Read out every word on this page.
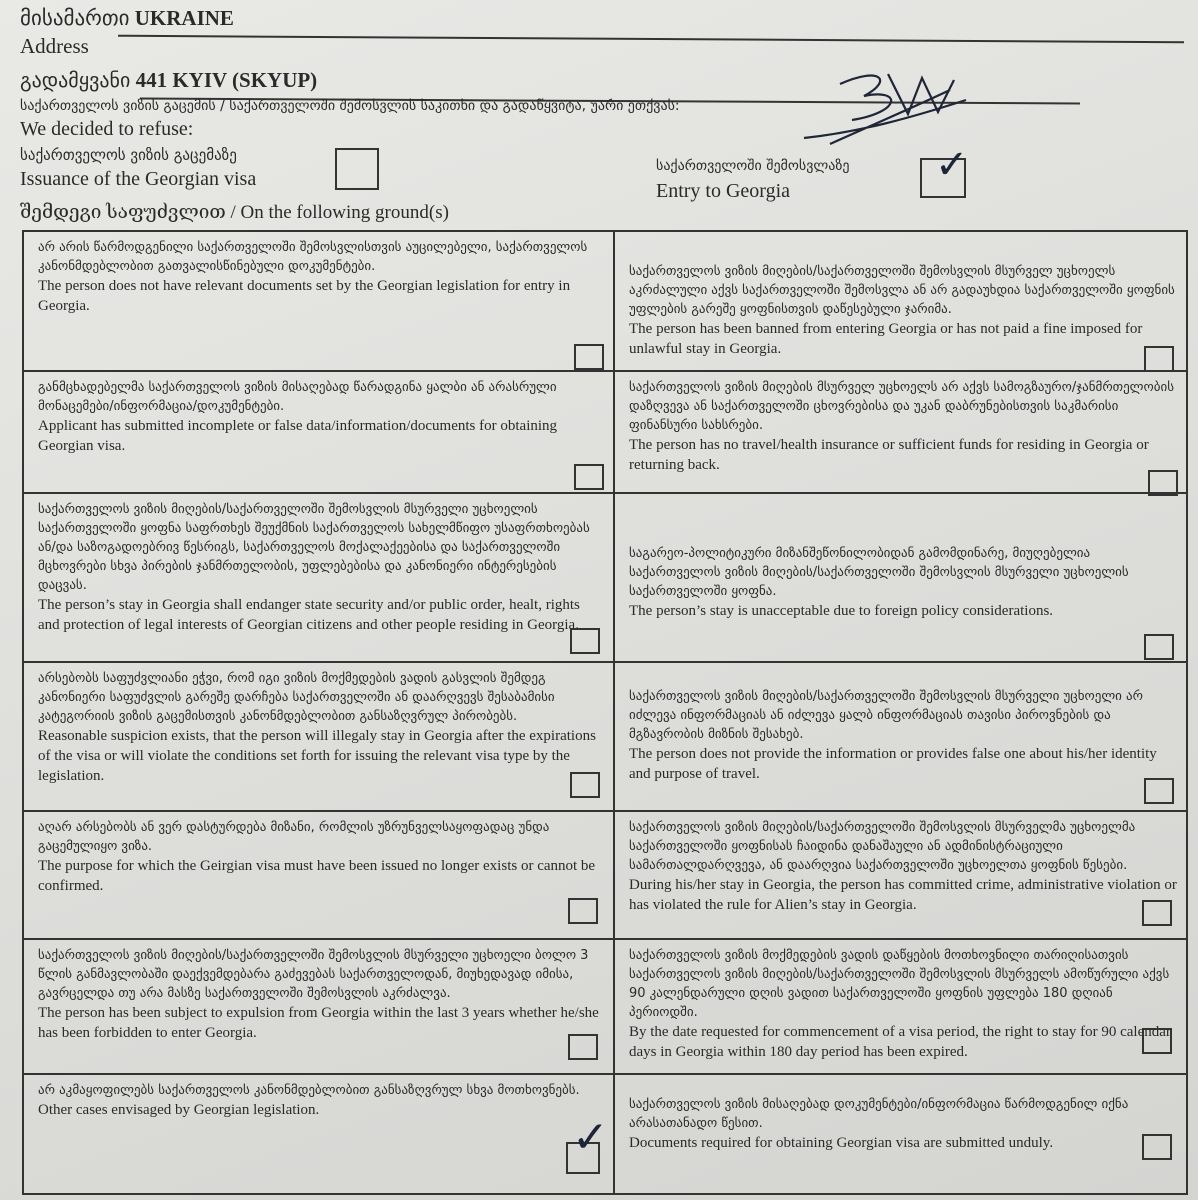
მისამართი UKRAINE
Address
გადამყვანი 441 KYIV (SKYUP)
საქართველოს ვიზის გაცემის / საქართველოში შემოსვლის საკითხი და გადაწყვიტა, უარი ეთქვას:
We decided to refuse:
საქართველოს ვიზის გაცემაზე
Issuance of the Georgian visa
საქართველოში შემოსვლაზე
Entry to Georgia
✓
შემდეგი საფუძვლით / On the following ground(s)
არ არის წარმოდგენილი საქართველოში შემოსვლისთვის აუცილებელი, საქართველოს კანონმდებლობით გათვალისწინებული დოკუმენტები.
The person does not have relevant documents set by the Georgian legislation for entry in Georgia.
საქართველოს ვიზის მიღების/საქართველოში შემოსვლის მსურველ უცხოელს აკრძალული აქვს საქართველოში შემოსვლა ან არ გადაუხდია საქართველოში ყოფნის უფლების გარეშე ყოფნისთვის დაწესებული ჯარიმა.
The person has been banned from entering Georgia or has not paid a fine imposed for unlawful stay in Georgia.
განმცხადებელმა საქართველოს ვიზის მისაღებად წარადგინა ყალბი ან არასრული მონაცემები/ინფორმაცია/დოკუმენტები.
Applicant has submitted incomplete or false data/information/documents for obtaining Georgian visa.
საქართველოს ვიზის მიღების მსურველ უცხოელს არ აქვს სამოგზაურო/ჯანმრთელობის დაზღვევა ან საქართველოში ცხოვრებისა და უკან დაბრუნებისთვის საკმარისი ფინანსური სახსრები.
The person has no travel/health insurance or sufficient funds for residing in Georgia or returning back.
საქართველოს ვიზის მიღების/საქართველოში შემოსვლის მსურველი უცხოელის საქართველოში ყოფნა საფრთხეს შეუქმნის საქართველოს სახელმწიფო უსაფრთხოებას ან/და საზოგადოებრივ წესრიგს, საქართველოს მოქალაქეებისა და საქართველოში მცხოვრები სხვა პირების ჯანმრთელობის, უფლებებისა და კანონიერი ინტერესების დაცვას.
The person’s stay in Georgia shall endanger state security and/or public order, healt, rights and protection of legal interests of Georgian citizens and other people residing in Georgia.
საგარეო-პოლიტიკური მიზანშეწონილობიდან გამომდინარე, მიუღებელია საქართველოს ვიზის მიღების/საქართველოში შემოსვლის მსურველი უცხოელის საქართველოში ყოფნა.
The person’s stay is unacceptable due to foreign policy considerations.
არსებობს საფუძვლიანი ეჭვი, რომ იგი ვიზის მოქმედების ვადის გასვლის შემდეგ კანონიერი საფუძვლის გარეშე დარჩება საქართველოში ან დაარღვევს შესაბამისი კატეგორიის ვიზის გაცემისთვის კანონმდებლობით განსაზღვრულ პირობებს.
Reasonable suspicion exists, that the person will illegaly stay in Georgia after the expirations of the visa or will violate the conditions set forth for issuing the relevant visa type by the legislation.
საქართველოს ვიზის მიღების/საქართველოში შემოსვლის მსურველი უცხოელი არ იძლევა ინფორმაციას ან იძლევა ყალბ ინფორმაციას თავისი პიროვნების და მგზავრობის მიზნის შესახებ.
The person does not provide the information or provides false one about his/her identity and purpose of travel.
აღარ არსებობს ან ვერ დასტურდება მიზანი, რომლის უზრუნველსაყოფადაც უნდა გაცემულიყო ვიზა.
The purpose for which the Geirgian visa must have been issued no longer exists or cannot be confirmed.
საქართველოს ვიზის მიღების/საქართველოში შემოსვლის მსურველმა უცხოელმა საქართველოში ყოფნისას ჩაიდინა დანაშაული ან ადმინისტრაციული სამართალდარღვევა, ან დაარღვია საქართველოში უცხოელთა ყოფნის წესები.
During his/her stay in Georgia, the person has committed crime, administrative violation or has violated the rule for Alien’s stay in Georgia.
საქართველოს ვიზის მიღების/საქართველოში შემოსვლის მსურველი უცხოელი ბოლო 3 წლის განმავლობაში დაექვემდებარა გაძევებას საქართველოდან, მიუხედავად იმისა, გავრცელდა თუ არა მასზე საქართველოში შემოსვლის აკრძალვა.
The person has been subject to expulsion from Georgia within the last 3 years whether he/she has been forbidden to enter Georgia.
საქართველოს ვიზის მოქმედების ვადის დაწყების მოთხოვნილი თარიღისათვის საქართველოს ვიზის მიღების/საქართველოში შემოსვლის მსურველს ამოწურული აქვს 90 კალენდარული დღის ვადით საქართველოში ყოფნის უფლება 180 დღიან პერიოდში.
By the date requested for commencement of a visa period, the right to stay for 90 calendar days in Georgia within 180 day period has been expired.
არ აკმაყოფილებს საქართველოს კანონმდებლობით განსაზღვრულ სხვა მოთხოვნებს.
Other cases envisaged by Georgian legislation.
✓
საქართველოს ვიზის მისაღებად დოკუმენტები/ინფორმაცია წარმოდგენილ იქნა არასათანადო წესით.
Documents required for obtaining Georgian visa are submitted unduly.
